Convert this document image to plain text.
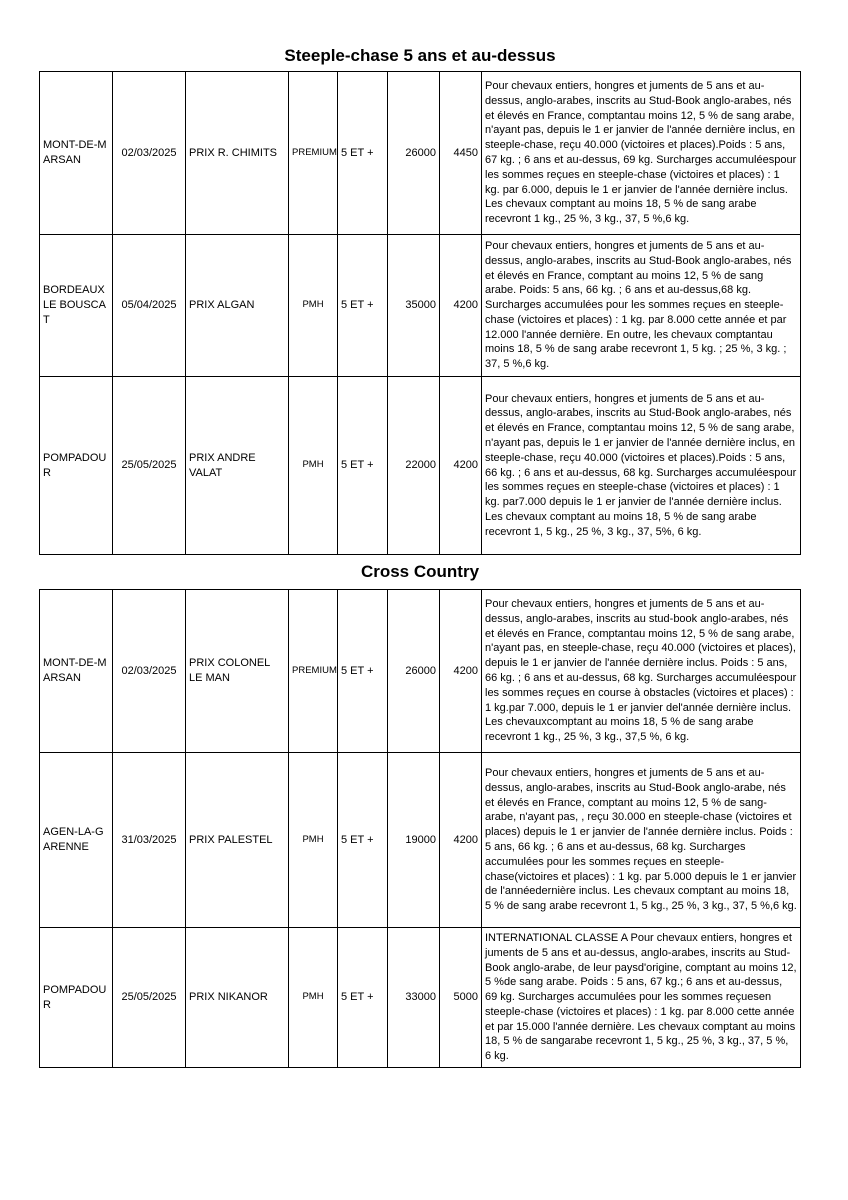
Steeple-chase 5 ans et au-dessus
MONT-DE-MARSAN	02/03/2025	PRIX R. CHIMITS	PREMIUM	5 ET +	26000	4450	Pour chevaux entiers, hongres et juments de 5 ans et au-dessus, anglo-arabes, inscrits au Stud-Book anglo-arabes, nés et élevés en France, comptantau moins 12, 5 % de sang arabe, n'ayant pas, depuis le 1 er janvier de l'année dernière inclus, en steeple-chase, reçu 40.000 (victoires et places).Poids : 5 ans, 67 kg. ; 6 ans et au-dessus, 69 kg. Surcharges accumuléespour les sommes reçues en steeple-chase (victoires et places) : 1 kg. par 6.000, depuis le 1 er janvier de l'année dernière inclus. Les chevaux comptant au moins 18, 5 % de sang arabe recevront 1 kg., 25 %, 3 kg., 37, 5 %,6 kg.
BORDEAUX LE BOUSCAT	05/04/2025	PRIX ALGAN	PMH	5 ET +	35000	4200	Pour chevaux entiers, hongres et juments de 5 ans et au-dessus, anglo-arabes, inscrits au Stud-Book anglo-arabes, nés et élevés en France, comptant au moins 12, 5 % de sang arabe. Poids: 5 ans, 66 kg. ; 6 ans et au-dessus,68 kg. Surcharges accumulées pour les sommes reçues en steeple-chase (victoires et places) : 1 kg. par 8.000 cette année et par 12.000 l'année dernière. En outre, les chevaux comptantau moins 18, 5 % de sang arabe recevront 1, 5 kg. ; 25 %, 3 kg. ; 37, 5 %,6 kg.
POMPADOUR	25/05/2025	PRIX ANDRE VALAT	PMH	5 ET +	22000	4200	Pour chevaux entiers, hongres et juments de 5 ans et au-dessus, anglo-arabes, inscrits au Stud-Book anglo-arabes, nés et élevés en France, comptantau moins 12, 5 % de sang arabe, n'ayant pas, depuis le 1 er janvier de l'année dernière inclus, en steeple-chase, reçu 40.000 (victoires et places).Poids : 5 ans, 66 kg. ; 6 ans et au-dessus, 68 kg. Surcharges accumuléespour les sommes reçues en steeple-chase (victoires et places) : 1 kg. par7.000 depuis le 1 er janvier de l'année dernière inclus. Les chevaux comptant au moins 18, 5 % de sang arabe recevront 1, 5 kg., 25 %, 3 kg., 37, 5%, 6 kg.
Cross Country
MONT-DE-MARSAN	02/03/2025	PRIX COLONEL LE MAN	PREMIUM	5 ET +	26000	4200	Pour chevaux entiers, hongres et juments de 5 ans et au-dessus, anglo-arabes, inscrits au stud-book anglo-arabes, nés et élevés en France, comptantau moins 12, 5 % de sang arabe, n'ayant pas, en steeple-chase, reçu 40.000 (victoires et places), depuis le 1 er janvier de l'année dernière inclus. Poids : 5 ans, 66 kg. ; 6 ans et au-dessus, 68 kg. Surcharges accumuléespour les sommes reçues en course à obstacles (victoires et places) : 1 kg.par 7.000, depuis le 1 er janvier del'année dernière inclus. Les chevauxcomptant au moins 18, 5 % de sang arabe recevront 1 kg., 25 %, 3 kg., 37,5 %, 6 kg.
AGEN-LA-GARENNE	31/03/2025	PRIX PALESTEL	PMH	5 ET +	19000	4200	Pour chevaux entiers, hongres et juments de 5 ans et au-dessus, anglo-arabes, inscrits au Stud-Book anglo-arabe, nés et élevés en France, comptant au moins 12, 5 % de sang-arabe, n'ayant pas, , reçu 30.000 en steeple-chase (victoires et places) depuis le 1 er janvier de l'année dernière inclus. Poids : 5 ans, 66 kg. ; 6 ans et au-dessus, 68 kg. Surcharges accumulées pour les sommes reçues en steeple-chase(victoires et places) : 1 kg. par 5.000 depuis le 1 er janvier de l'annéedernière inclus. Les chevaux comptant au moins 18, 5 % de sang arabe recevront 1, 5 kg., 25 %, 3 kg., 37, 5 %,6 kg.
POMPADOUR	25/05/2025	PRIX NIKANOR	PMH	5 ET +	33000	5000	INTERNATIONAL CLASSE A Pour chevaux entiers, hongres et juments de 5 ans et au-dessus, anglo-arabes, inscrits au Stud-Book anglo-arabe, de leur paysd'origine, comptant au moins 12, 5 %de sang arabe. Poids : 5 ans, 67 kg.; 6 ans et au-dessus, 69 kg. Surcharges accumulées pour les sommes reçuesen steeple-chase (victoires et places) : 1 kg. par 8.000 cette année et par 15.000 l'année dernière. Les chevaux comptant au moins 18, 5 % de sangarabe recevront 1, 5 kg., 25 %, 3 kg., 37, 5 %, 6 kg.
